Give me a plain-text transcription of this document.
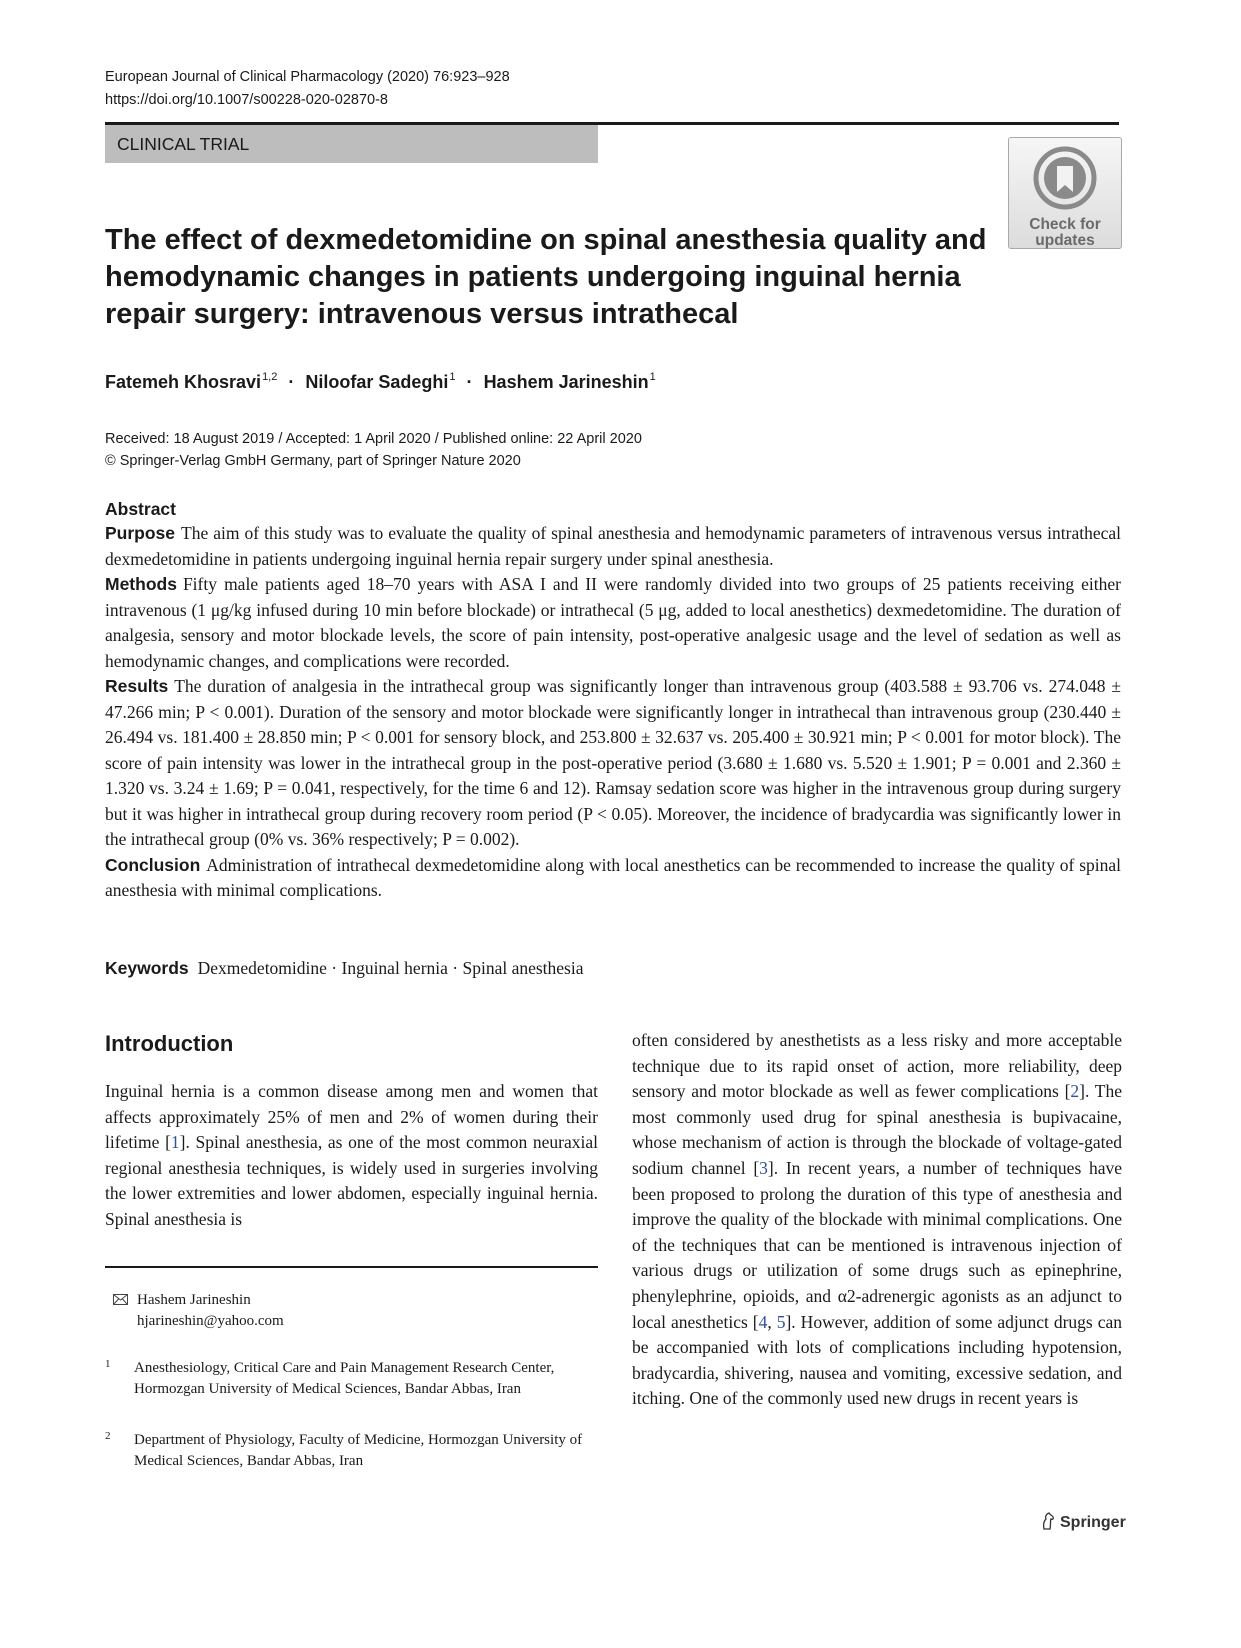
European Journal of Clinical Pharmacology (2020) 76:923–928
https://doi.org/10.1007/s00228-020-02870-8
CLINICAL TRIAL
Check for updates
The effect of dexmedetomidine on spinal anesthesia quality and hemodynamic changes in patients undergoing inguinal hernia repair surgery: intravenous versus intrathecal
Fatemeh Khosravi$^{1,2}$ · Niloofar Sadeghi$^1$ · Hashem Jarineshin$^1$
Received: 18 August 2019 / Accepted: 1 April 2020 / Published online: 22 April 2020
© Springer-Verlag GmbH Germany, part of Springer Nature 2020
Abstract

Purpose The aim of this study was to evaluate the quality of spinal anesthesia and hemodynamic parameters of intravenous versus intrathecal dexmedetomidine in patients undergoing inguinal hernia repair surgery under spinal anesthesia.

Methods Fifty male patients aged 18–70 years with ASA I and II were randomly divided into two groups of 25 patients receiving either intravenous (1 μg/kg infused during 10 min before blockade) or intrathecal (5 μg, added to local anesthetics) dexmedetomidine. The duration of analgesia, sensory and motor blockade levels, the score of pain intensity, post-operative analgesic usage and the level of sedation as well as hemodynamic changes, and complications were recorded.

Results The duration of analgesia in the intrathecal group was significantly longer than intravenous group (403.588 ± 93.706 vs. 274.048 ± 47.266 min; P < 0.001). Duration of the sensory and motor blockade were significantly longer in intrathecal than intravenous group (230.440 ± 26.494 vs. 181.400 ± 28.850 min; P < 0.001 for sensory block, and 253.800 ± 32.637 vs. 205.400 ± 30.921 min; P < 0.001 for motor block). The score of pain intensity was lower in the intrathecal group in the post-operative period (3.680 ± 1.680 vs. 5.520 ± 1.901; P = 0.001 and 2.360 ± 1.320 vs. 3.24 ± 1.69; P = 0.041, respectively, for the time 6 and 12). Ramsay sedation score was higher in the intravenous group during surgery but it was higher in intrathecal group during recovery room period (P < 0.05). Moreover, the incidence of bradycardia was significantly lower in the intrathecal group (0% vs. 36% respectively; P = 0.002).

Conclusion Administration of intrathecal dexmedetomidine along with local anesthetics can be recommended to increase the quality of spinal anesthesia with minimal complications.

Keywords Dexmedetomidine · Inguinal hernia · Spinal anesthesia
Introduction

Inguinal hernia is a common disease among men and women that affects approximately 25% of men and 2% of women during their lifetime [1]. Spinal anesthesia, as one of the most common neuraxial regional anesthesia techniques, is widely used in surgeries involving the lower extremities and lower abdomen, especially inguinal hernia. Spinal anesthesia is

often considered by anesthetists as a less risky and more acceptable technique due to its rapid onset of action, more reliability, deep sensory and motor blockade as well as fewer complications [2]. The most commonly used drug for spinal anesthesia is bupivacaine, whose mechanism of action is through the blockade of voltage-gated sodium channel [3]. In recent years, a number of techniques have been proposed to prolong the duration of this type of anesthesia and improve the quality of the blockade with minimal complications. One of the techniques that can be mentioned is intravenous injection of various drugs or utilization of some drugs such as epinephrine, phenylephrine, opioids, and α2-adrenergic agonists as an adjunct to local anesthetics [4, 5]. However, addition of some adjunct drugs can be accompanied with lots of complications including hypotension, bradycardia, shivering, nausea and vomiting, excessive sedation, and itching. One of the commonly used new drugs in recent years is

Hashem Jarineshin
hjarineshin@yahoo.com
1 Anesthesiology, Critical Care and Pain Management Research Center, Hormozgan University of Medical Sciences, Bandar Abbas, Iran
2 Department of Physiology, Faculty of Medicine, Hormozgan University of Medical Sciences, Bandar Abbas, Iran
Springer
